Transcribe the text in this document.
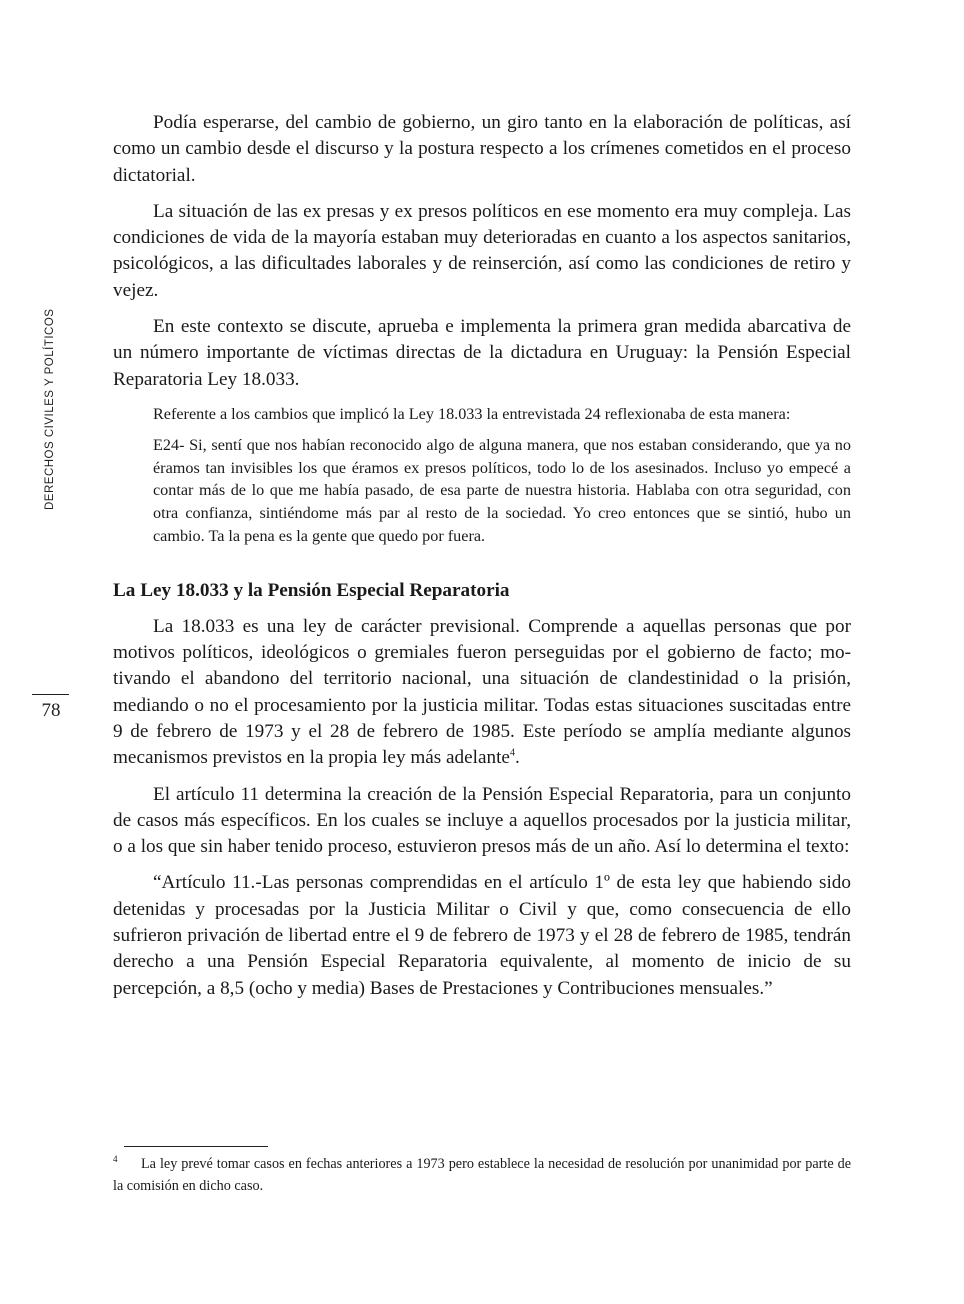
DERECHOS CIVILES Y POLÍTICOS
78

Podía esperarse, del cambio de gobierno, un giro tanto en la elaboración de políticas, así como un cambio desde el discurso y la postura respecto a los crímenes cometidos en el proceso dictatorial.

La situación de las ex presas y ex presos políticos en ese momento era muy compleja. Las condiciones de vida de la mayoría estaban muy deterioradas en cuanto a los aspectos sanitarios, psicológicos, a las dificultades laborales y de reinserción, así como las condiciones de retiro y vejez.

En este contexto se discute, aprueba e implementa la primera gran medida abarcativa de un número importante de víctimas directas de la dictadura en Uruguay: la Pensión Especial Reparatoria Ley 18.033.

Referente a los cambios que implicó la Ley 18.033 la entrevistada 24 reflexionaba de esta manera:

E24- Si, sentí que nos habían reconocido algo de alguna manera, que nos estaban considerando, que ya no éramos tan invisibles los que éramos ex presos políticos, todo lo de los asesinados. Incluso yo empecé a contar más de lo que me había pasado, de esa parte de nuestra historia. Hablaba con otra seguridad, con otra confianza, sintiéndome más par al resto de la sociedad. Yo creo entonces que se sintió, hubo un cambio. Ta la pena es la gente que quedo por fuera.

La Ley 18.033 y la Pensión Especial Reparatoria

La 18.033 es una ley de carácter previsional. Comprende a aquellas personas que por motivos políticos, ideológicos o gremiales fueron perseguidas por el gobierno de facto; motivando el abandono del territorio nacional, una situación de clandestinidad o la prisión, mediando o no el procesamiento por la justicia militar. Todas estas situaciones suscitadas entre 9 de febrero de 1973 y el 28 de febrero de 1985. Este período se amplía mediante algunos mecanismos previstos en la propia ley más adelante$^4$.

El artículo 11 determina la creación de la Pensión Especial Reparatoria, para un conjunto de casos más específicos. En los cuales se incluye a aquellos procesados por la justicia militar, o a los que sin haber tenido proceso, estuvieron presos más de un año. Así lo determina el texto:

“Artículo 11.-Las personas comprendidas en el artículo 1º de esta ley que habiendo sido detenidas y procesadas por la Justicia Militar o Civil y que, como consecuencia de ello sufrieron privación de libertad entre el 9 de febrero de 1973 y el 28 de febrero de 1985, tendrán derecho a una Pensión Especial Reparatoria equivalente, al momento de inicio de su percepción, a 8,5 (ocho y media) Bases de Prestaciones y Contribuciones mensuales.”

4 La ley prevé tomar casos en fechas anteriores a 1973 pero establece la necesidad de resolución por unanimidad por parte de la comisión en dicho caso.
